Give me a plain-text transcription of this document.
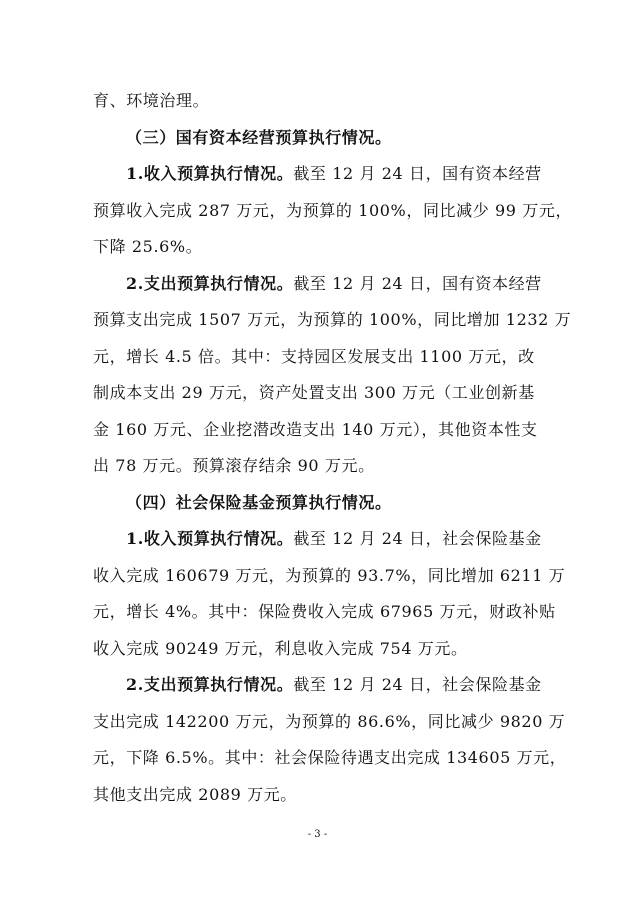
育、环境治理。
（三）国有资本经营预算执行情况。
1.收入预算执行情况。截至 12 月 24 日，国有资本经营
预算收入完成 287 万元，为预算的 100%，同比减少 99 万元，
下降 25.6%。
2.支出预算执行情况。截至 12 月 24 日，国有资本经营
预算支出完成 1507 万元，为预算的 100%，同比增加 1232 万
元，增长 4.5 倍。其中：支持园区发展支出 1100 万元，改
制成本支出 29 万元，资产处置支出 300 万元（工业创新基
金 160 万元、企业挖潜改造支出 140 万元），其他资本性支
出 78 万元。预算滚存结余 90 万元。
（四）社会保险基金预算执行情况。
1.收入预算执行情况。截至 12 月 24 日，社会保险基金
收入完成 160679 万元，为预算的 93.7%，同比增加 6211 万
元，增长 4%。其中：保险费收入完成 67965 万元，财政补贴
收入完成 90249 万元，利息收入完成 754 万元。
2.支出预算执行情况。截至 12 月 24 日，社会保险基金
支出完成 142200 万元，为预算的 86.6%，同比减少 9820 万
元，下降 6.5%。其中：社会保险待遇支出完成 134605 万元，
其他支出完成 2089 万元。
- 3 -
